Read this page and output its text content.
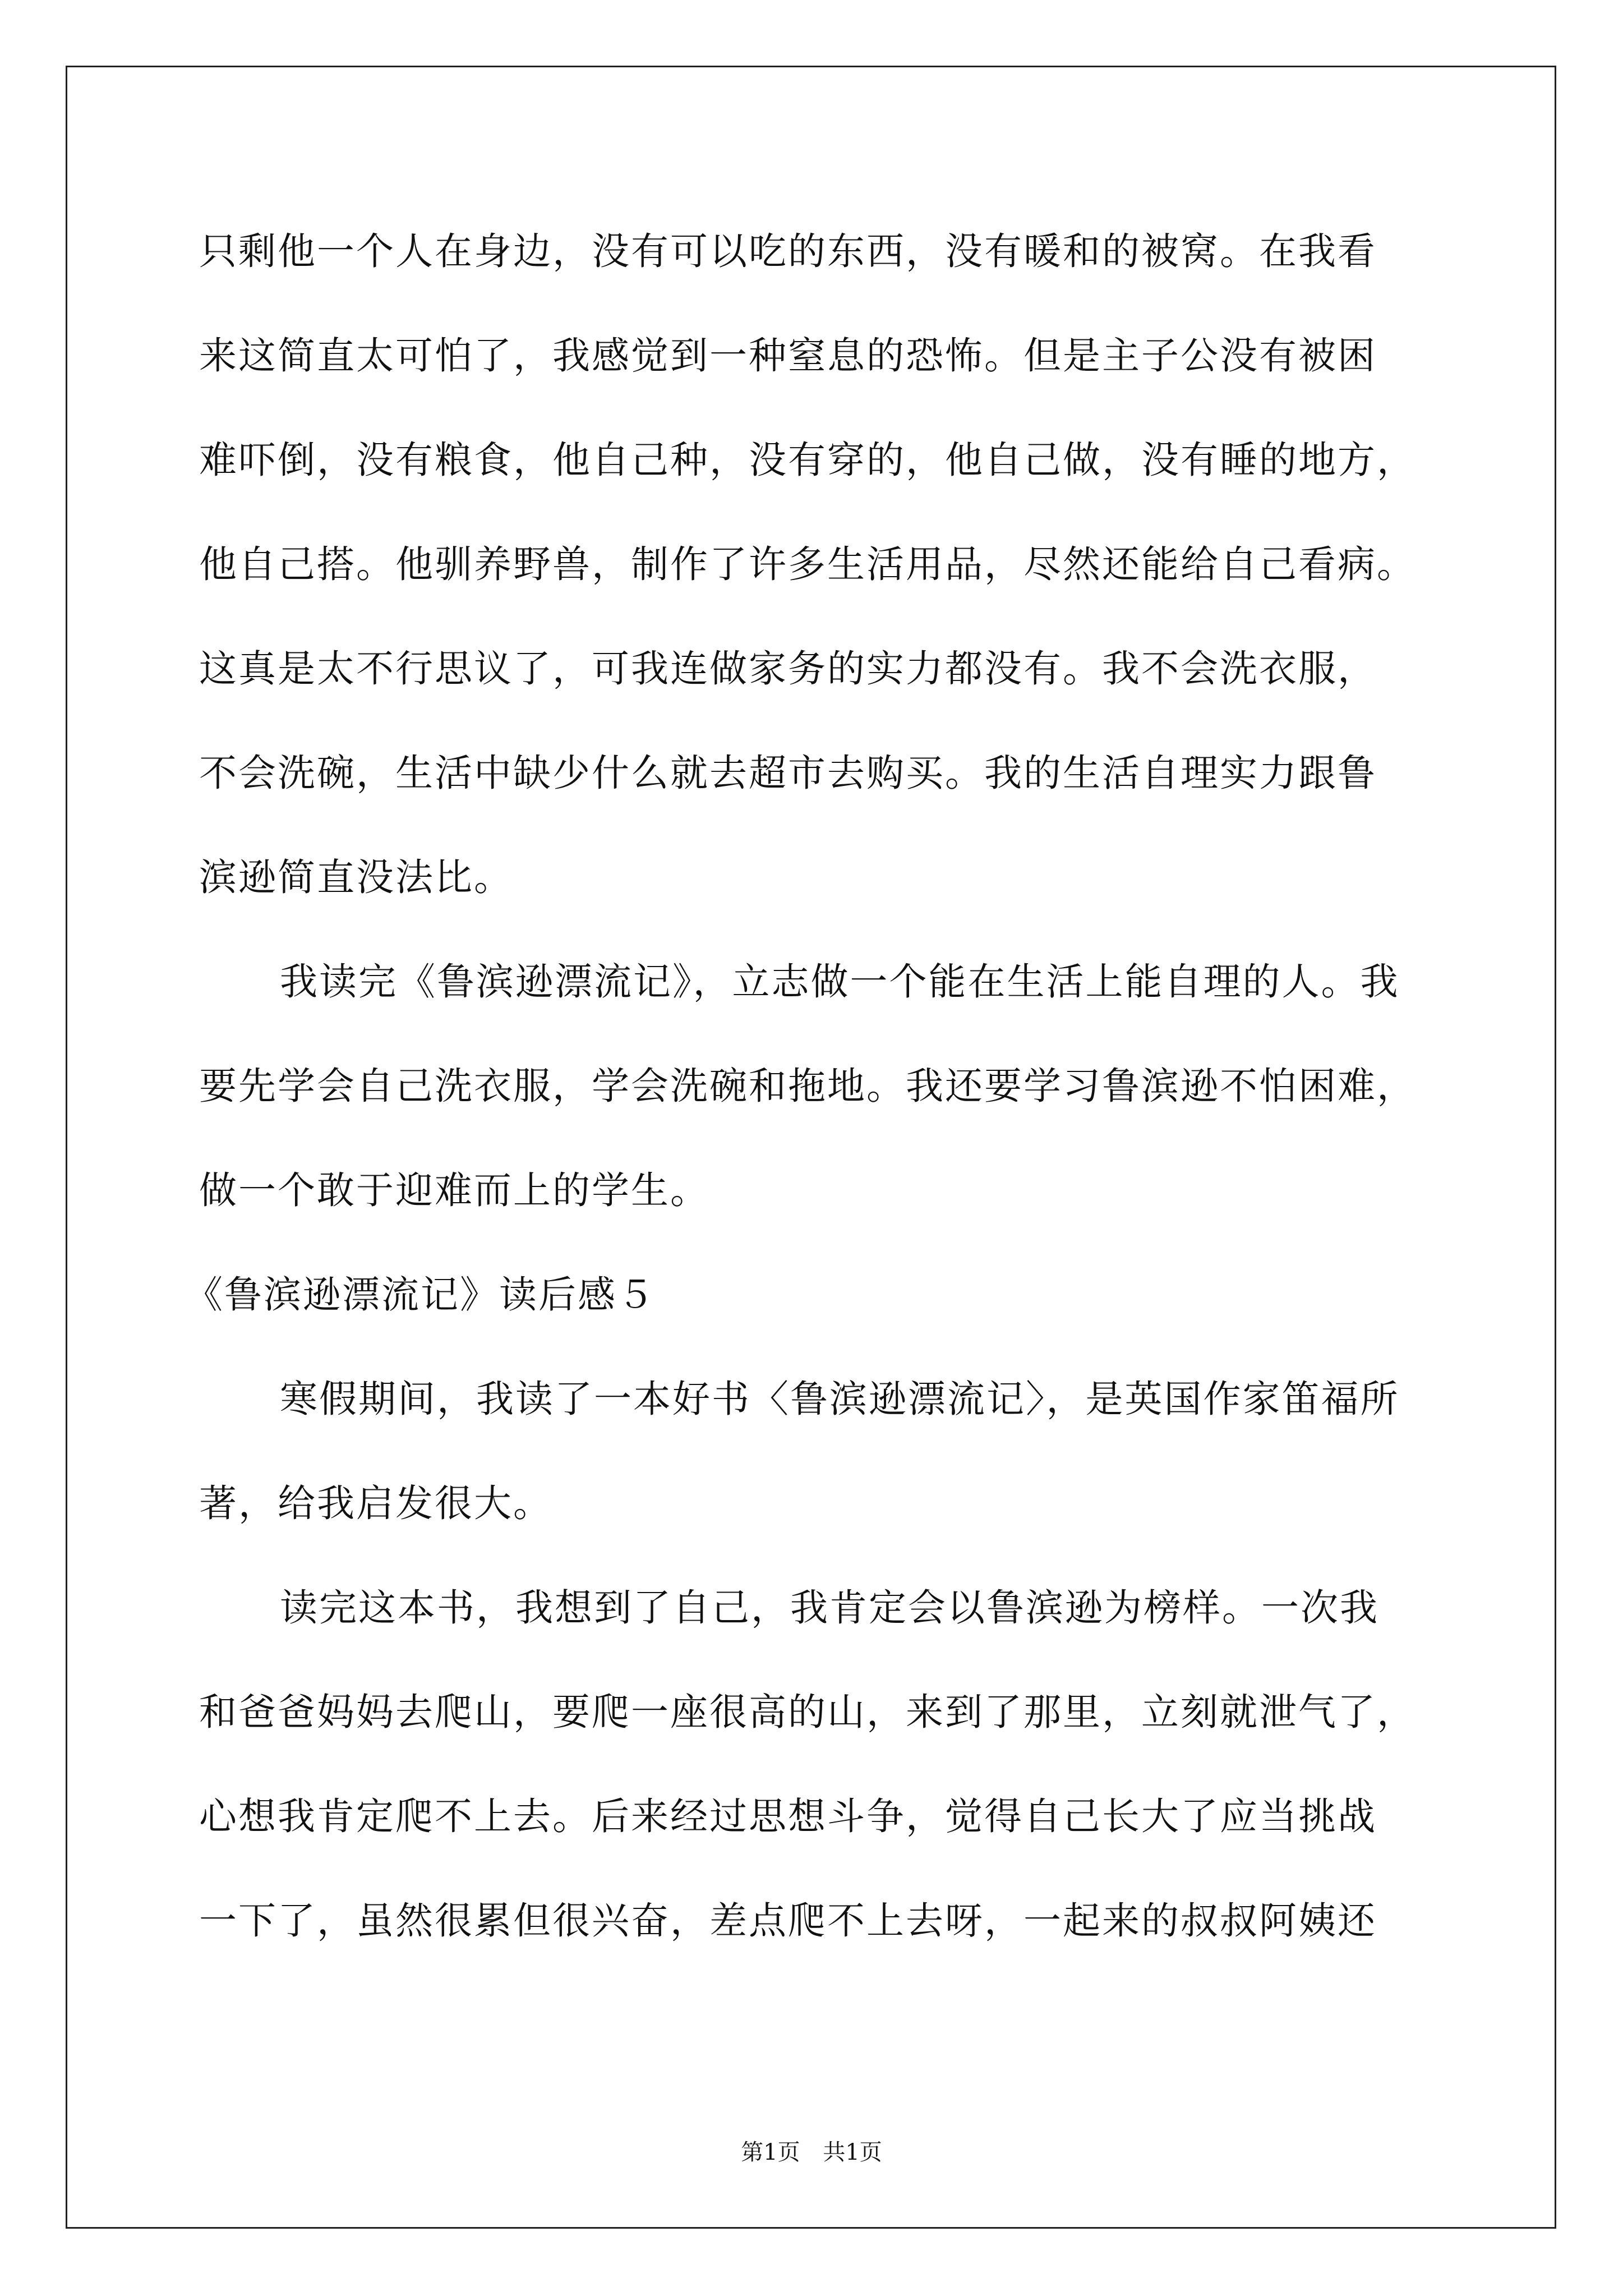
只剩他一个人在身边，没有可以吃的东西，没有暖和的被窝。在我看
来这简直太可怕了，我感觉到一种窒息的恐怖。但是主子公没有被困
难吓倒，没有粮食，他自己种，没有穿的，他自己做，没有睡的地方，
他自己搭。他驯养野兽，制作了许多生活用品，尽然还能给自己看病。
这真是太不行思议了，可我连做家务的实力都没有。我不会洗衣服，
不会洗碗，生活中缺少什么就去超市去购买。我的生活自理实力跟鲁
滨逊简直没法比。
我读完《鲁滨逊漂流记》，立志做一个能在生活上能自理的人。我
要先学会自己洗衣服，学会洗碗和拖地。我还要学习鲁滨逊不怕困难，
做一个敢于迎难而上的学生。
《鲁滨逊漂流记》读后感５
寒假期间，我读了一本好书〈鲁滨逊漂流记〉，是英国作家笛福所
著，给我启发很大。
读完这本书，我想到了自己，我肯定会以鲁滨逊为榜样。一次我
和爸爸妈妈去爬山，要爬一座很高的山，来到了那里，立刻就泄气了，
心想我肯定爬不上去。后来经过思想斗争，觉得自己长大了应当挑战
一下了，虽然很累但很兴奋，差点爬不上去呀，一起来的叔叔阿姨还
第1页 共1页
